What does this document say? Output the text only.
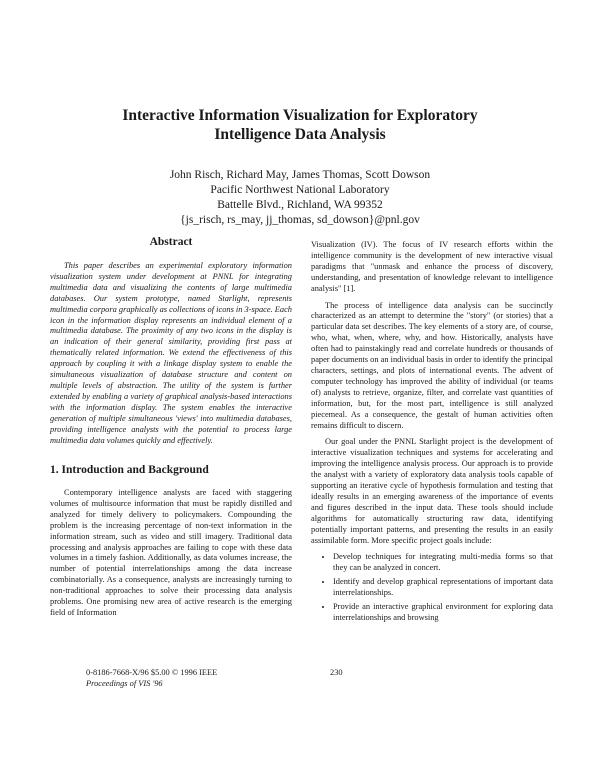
Interactive Information Visualization for Exploratory
Intelligence Data Analysis
John Risch, Richard May, James Thomas, Scott Dowson
Pacific Northwest National Laboratory
Battelle Blvd., Richland, WA 99352
{js_risch, rs_may, jj_thomas, sd_dowson}@pnl.gov
Abstract

This paper describes an experimental exploratory information visualization system under development at PNNL for integrating multimedia data and visualizing the contents of large multimedia databases. Our system prototype, named Starlight, represents multimedia corpora graphically as collections of icons in 3-space. Each icon in the information display represents an individual element of a multimedia database. The proximity of any two icons in the display is an indication of their general similarity, providing first pass at thematically related information. We extend the effectiveness of this approach by coupling it with a linkage display system to enable the simultaneous visualization of database structure and content on multiple levels of abstraction. The utility of the system is further extended by enabling a variety of graphical analysis-based interactions with the information display. The system enables the interactive generation of multiple simultaneous 'views' into multimedia databases, providing intelligence analysts with the potential to process large multimedia data volumes quickly and effectively.

1. Introduction and Background

Contemporary intelligence analysts are faced with staggering volumes of multisource information that must be rapidly distilled and analyzed for timely delivery to policymakers. Compounding the problem is the increasing percentage of non-text information in the information stream, such as video and still imagery. Traditional data processing and analysis approaches are failing to cope with these data volumes in a timely fashion. Additionally, as data volumes increase, the number of potential interrelationships among the data increase combinatorially. As a consequence, analysts are increasingly turning to non-traditional approaches to solve their processing data analysis problems. One promising new area of active research is the emerging field of Information

Visualization (IV). The focus of IV research efforts within the intelligence community is the development of new interactive visual paradigms that "unmask and enhance the process of discovery, understanding, and presentation of knowledge relevant to intelligence analysis" [1].

The process of intelligence data analysis can be succinctly characterized as an attempt to determine the "story" (or stories) that a particular data set describes. The key elements of a story are, of course, who, what, when, where, why, and how. Historically, analysts have often had to painstakingly read and correlate hundreds or thousands of paper documents on an individual basis in order to identify the principal characters, settings, and plots of international events. The advent of computer technology has improved the ability of individual (or teams of) analysts to retrieve, organize, filter, and correlate vast quantities of information, but, for the most part, intelligence is still analyzed piecemeal. As a consequence, the gestalt of human activities often remains difficult to discern.

Our goal under the PNNL Starlight project is the development of interactive visualization techniques and systems for accelerating and improving the intelligence analysis process. Our approach is to provide the analyst with a variety of exploratory data analysis tools capable of supporting an iterative cycle of hypothesis formulation and testing that ideally results in an emerging awareness of the importance of events and figures described in the input data. These tools should include algorithms for automatically structuring raw data, identifying potentially important patterns, and presenting the results in an easily assimilable form. More specific project goals include:

• Develop techniques for integrating multi-media forms so that they can be analyzed in concert.
• Identify and develop graphical representations of important data interrelationships.
• Provide an interactive graphical environment for exploring data interrelationships and browsing
0-8186-7668-X/96 $5.00 © 1996 IEEE
Proceedings of VIS '96
230
